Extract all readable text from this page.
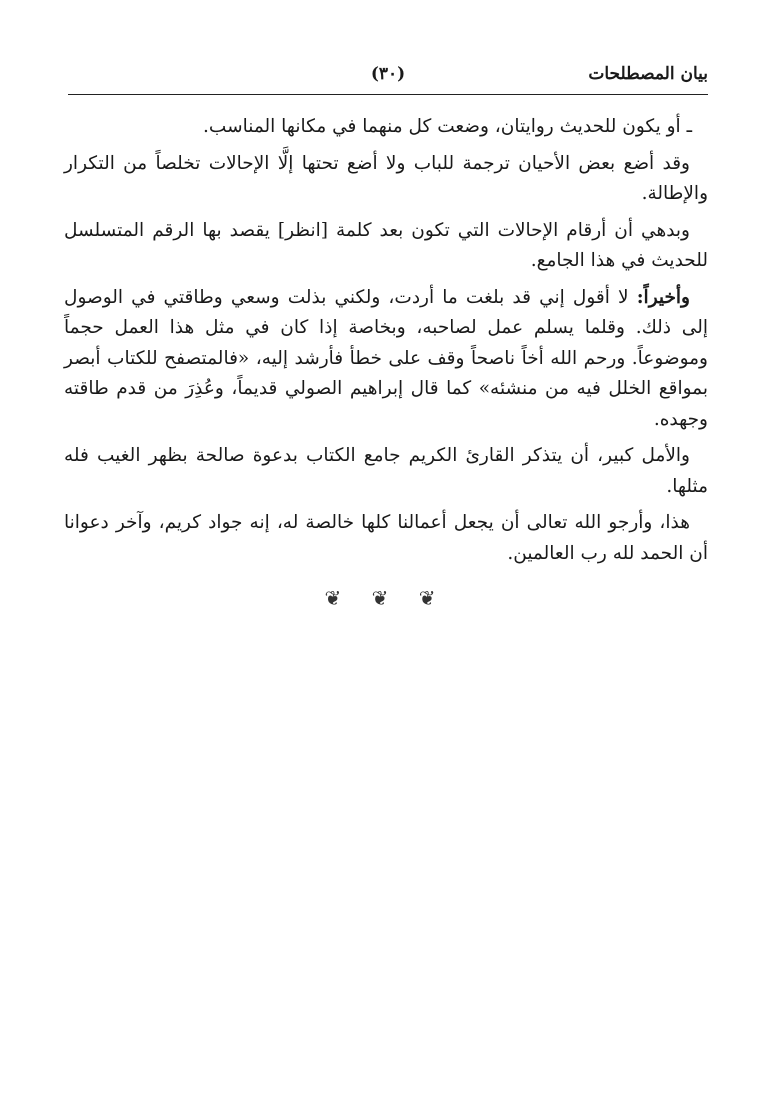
بيان المصطلحات
(٣٠)

ـ أو يكون للحديث روايتان، وضعت كل منهما في مكانها المناسب.

وقد أضع بعض الأحيان ترجمة للباب ولا أضع تحتها إلَّا الإحالات تخلصاً من التكرار والإطالة.

وبدهي أن أرقام الإحالات التي تكون بعد كلمة [انظر] يقصد بها الرقم المتسلسل للحديث في هذا الجامع.

وأخيراً: لا أقول إني قد بلغت ما أردت، ولكني بذلت وسعي وطاقتي في الوصول إلى ذلك. وقلما يسلم عمل لصاحبه، وبخاصة إذا كان في مثل هذا العمل حجماً وموضوعاً. ورحم الله أخاً ناصحاً وقف على خطأ فأرشد إليه، «فالمتصفح للكتاب أبصر بمواقع الخلل فيه من منشئه» كما قال إبراهيم الصولي قديماً، وعُذِرَ من قدم طاقته وجهده.

والأمل كبير، أن يتذكر القارئ الكريم جامع الكتاب بدعوة صالحة بظهر الغيب فله مثلها.

هذا، وأرجو الله تعالى أن يجعل أعمالنا كلها خالصة له، إنه جواد كريم، وآخر دعوانا أن الحمد لله رب العالمين.

❦ ❦ ❦
